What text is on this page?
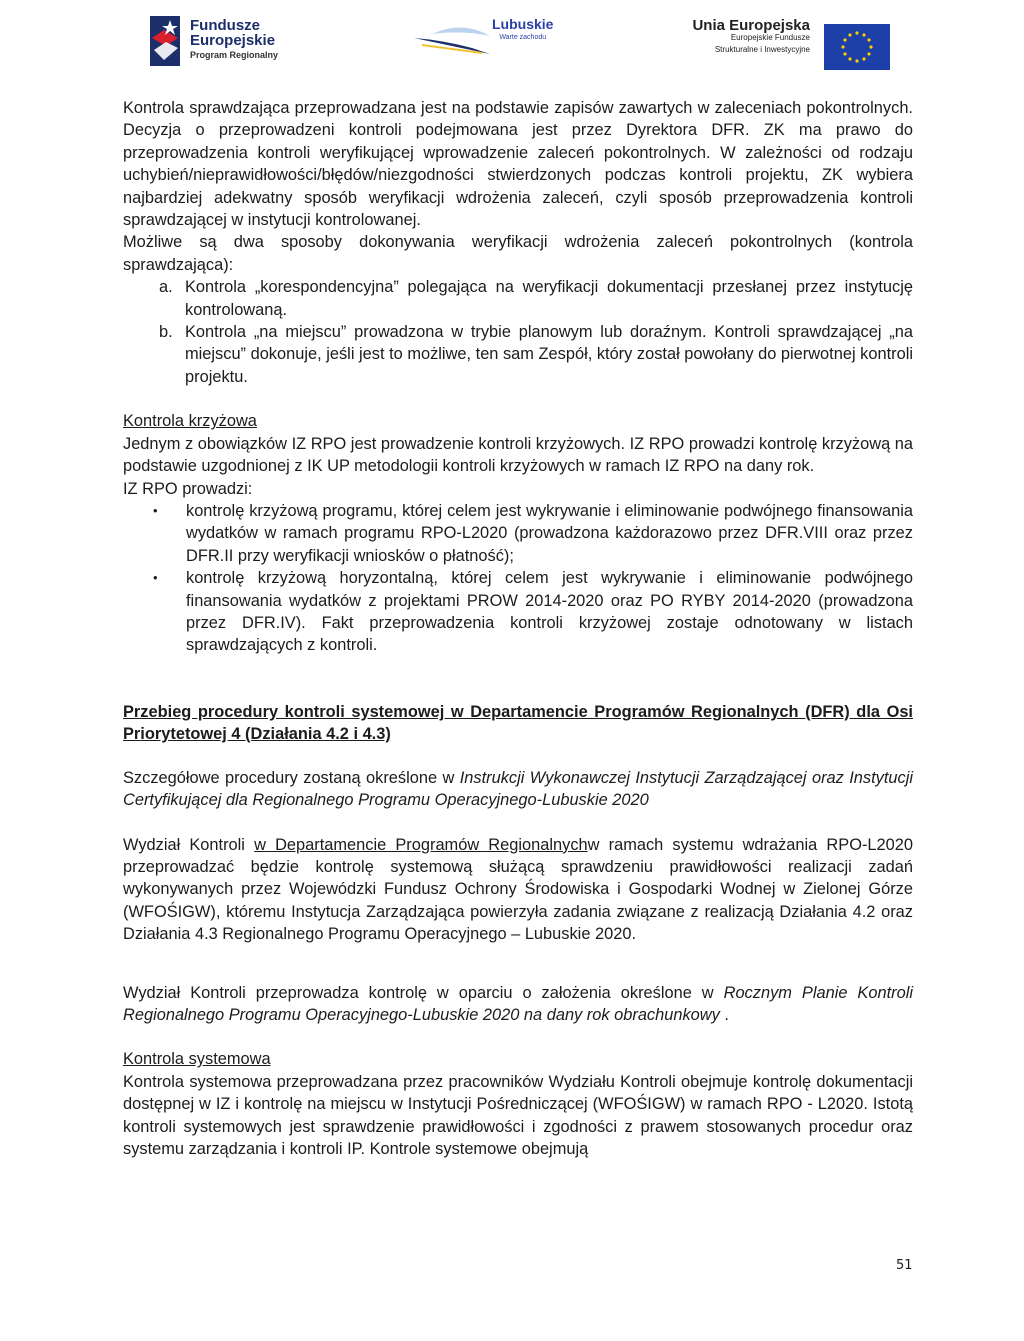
Fundusze
Europejskie
Program Regionalny
Lubuskie
Warte zachodu
Unia Europejska
Europejskie Fundusze
Strukturalne i Inwestycyjne

Kontrola sprawdzająca przeprowadzana jest na podstawie zapisów zawartych w zaleceniach pokontrolnych. Decyzja o przeprowadzeni kontroli podejmowana jest przez Dyrektora DFR. ZK ma prawo do przeprowadzenia kontroli weryfikującej wprowadzenie zaleceń pokontrolnych. W zależności od rodzaju uchybień/nieprawidłowości/błędów/niezgodności stwierdzonych podczas kontroli projektu, ZK wybiera najbardziej adekwatny sposób weryfikacji wdrożenia zaleceń, czyli sposób przeprowadzenia kontroli sprawdzającej w instytucji kontrolowanej.

Możliwe są dwa sposoby dokonywania weryfikacji wdrożenia zaleceń pokontrolnych (kontrola sprawdzająca):

a. Kontrola „korespondencyjna” polegająca na weryfikacji dokumentacji przesłanej przez instytucję kontrolowaną.
b. Kontrola „na miejscu” prowadzona w trybie planowym lub doraźnym. Kontroli sprawdzającej „na miejscu” dokonuje, jeśli jest to możliwe, ten sam Zespół, który został powołany do pierwotnej kontroli projektu.

Kontrola krzyżowa

Jednym z obowiązków IZ RPO jest prowadzenie kontroli krzyżowych. IZ RPO prowadzi kontrolę krzyżową na podstawie uzgodnionej z IK UP metodologii kontroli krzyżowych w ramach IZ RPO na dany rok.

IZ RPO prowadzi:

• kontrolę krzyżową programu, której celem jest wykrywanie i eliminowanie podwójnego finansowania wydatków w ramach programu RPO-L2020 (prowadzona każdorazowo przez DFR.VIII oraz przez DFR.II przy weryfikacji wniosków o płatność);
• kontrolę krzyżową horyzontalną, której celem jest wykrywanie i eliminowanie podwójnego finansowania wydatków z projektami PROW 2014-2020 oraz PO RYBY 2014-2020 (prowadzona przez DFR.IV). Fakt przeprowadzenia kontroli krzyżowej zostaje odnotowany w listach sprawdzających z kontroli.

Przebieg procedury kontroli systemowej w Departamencie Programów Regionalnych (DFR) dla Osi Priorytetowej 4 (Działania 4.2 i 4.3)

Szczegółowe procedury zostaną określone w Instrukcji Wykonawczej Instytucji Zarządzającej oraz Instytucji Certyfikującej dla Regionalnego Programu Operacyjnego-Lubuskie 2020

Wydział Kontroli w Departamencie Programów Regionalnychw ramach systemu wdrażania RPO-L2020 przeprowadzać będzie kontrolę systemową służącą sprawdzeniu prawidłowości realizacji zadań wykonywanych przez Wojewódzki Fundusz Ochrony Środowiska i Gospodarki Wodnej w Zielonej Górze (WFOŚIGW), któremu Instytucja Zarządzająca powierzyła zadania związane z realizacją Działania 4.2 oraz Działania 4.3 Regionalnego Programu Operacyjnego – Lubuskie 2020.

Wydział Kontroli przeprowadza kontrolę w oparciu o założenia określone w Rocznym Planie Kontroli Regionalnego Programu Operacyjnego-Lubuskie 2020 na dany rok obrachunkowy .

Kontrola systemowa

Kontrola systemowa przeprowadzana przez pracowników Wydziału Kontroli obejmuje kontrolę dokumentacji dostępnej w IZ i kontrolę na miejscu w Instytucji Pośredniczącej (WFOŚIGW) w ramach RPO - L2020. Istotą kontroli systemowych jest sprawdzenie prawidłowości i zgodności z prawem stosowanych procedur oraz systemu zarządzania i kontroli IP. Kontrole systemowe obejmują

51
